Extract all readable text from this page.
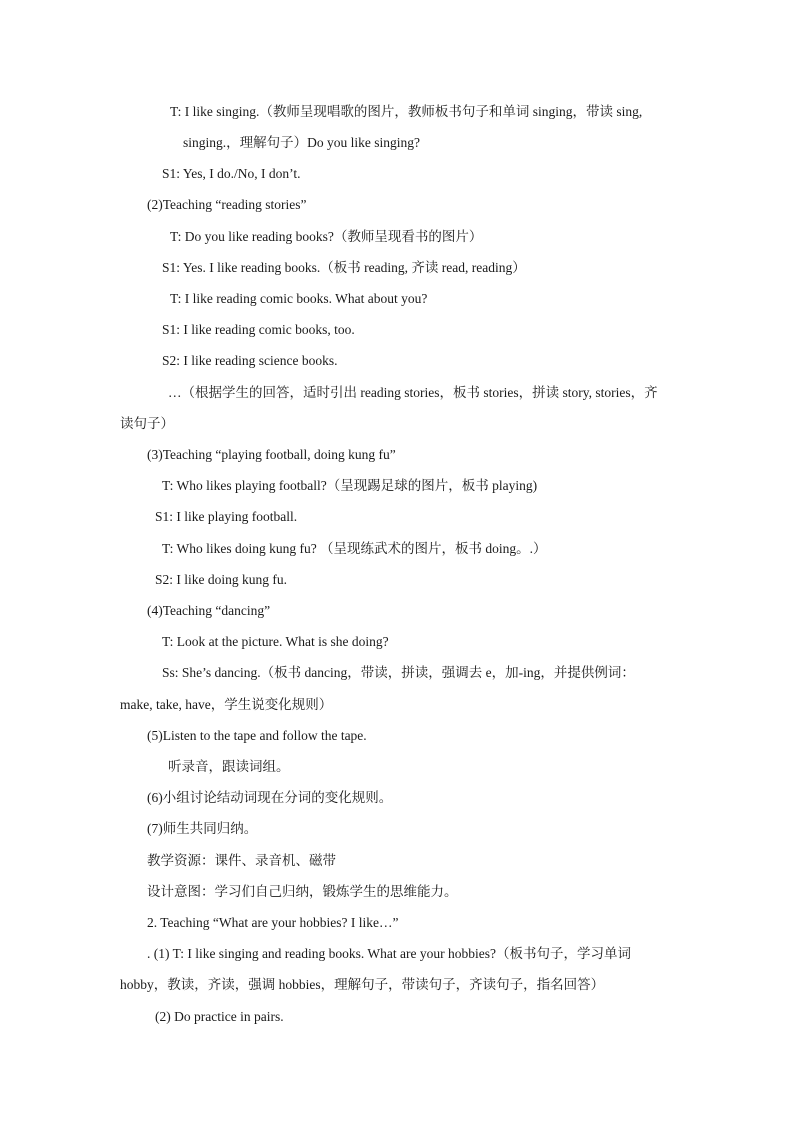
T: I like singing.（教师呈现唱歌的图片，教师板书句子和单词 singing，带读 sing,
singing.，理解句子）Do you like singing?
S1: Yes, I do./No, I don’t.
(2)Teaching “reading stories”
T: Do you like reading books?（教师呈现看书的图片）
S1: Yes. I like reading books.（板书 reading, 齐读 read, reading）
T: I like reading comic books. What about you?
S1: I like reading comic books, too.
S2: I like reading science books.
…（根据学生的回答，适时引出 reading stories，板书 stories，拼读 story, stories，齐
读句子）
(3)Teaching “playing football, doing kung fu”
T: Who likes playing football?（呈现踢足球的图片，板书 playing)
S1: I like playing football.
T: Who likes doing kung fu? （呈现练武术的图片，板书 doing。.）
S2: I like doing kung fu.
(4)Teaching “dancing”
T: Look at the picture. What is she doing?
Ss: She’s dancing.（板书 dancing，带读，拼读，强调去 e，加-ing，并提供例词：
make, take, have，学生说变化规则）
(5)Listen to the tape and follow the tape.
听录音，跟读词组。
(6)小组讨论结动词现在分词的变化规则。
(7)师生共同归纳。
教学资源：课件、录音机、磁带
设计意图：学习们自己归纳，锻炼学生的思维能力。
2. Teaching “What are your hobbies? I like…”
. (1) T: I like singing and reading books. What are your hobbies?（板书句子，学习单词
hobby，教读，齐读，强调 hobbies，理解句子，带读句子，齐读句子，指名回答）
(2) Do practice in pairs.
